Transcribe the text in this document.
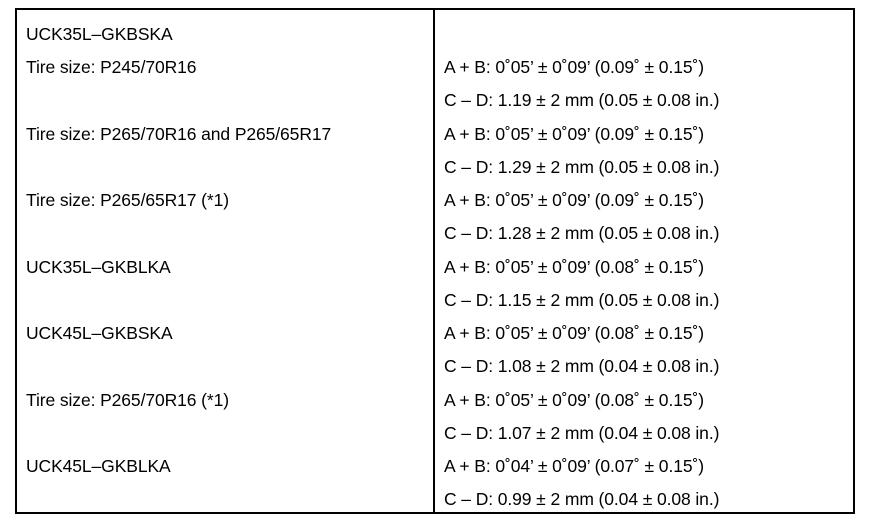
UCK35L–GKBSKA
Tire size: P245/70R16
Tire size: P265/70R16 and P265/65R17
Tire size: P265/65R17 (*1)
UCK35L–GKBLKA
UCK45L–GKBSKA
Tire size: P265/70R16 (*1)
UCK45L–GKBLKA
A + B: 0˚05’ ± 0˚09’ (0.09˚ ± 0.15˚)
C – D: 1.19 ± 2 mm (0.05 ± 0.08 in.)
A + B: 0˚05’ ± 0˚09’ (0.09˚ ± 0.15˚)
C – D: 1.29 ± 2 mm (0.05 ± 0.08 in.)
A + B: 0˚05’ ± 0˚09’ (0.09˚ ± 0.15˚)
C – D: 1.28 ± 2 mm (0.05 ± 0.08 in.)
A + B: 0˚05’ ± 0˚09’ (0.08˚ ± 0.15˚)
C – D: 1.15 ± 2 mm (0.05 ± 0.08 in.)
A + B: 0˚05’ ± 0˚09’ (0.08˚ ± 0.15˚)
C – D: 1.08 ± 2 mm (0.04 ± 0.08 in.)
A + B: 0˚05’ ± 0˚09’ (0.08˚ ± 0.15˚)
C – D: 1.07 ± 2 mm (0.04 ± 0.08 in.)
A + B: 0˚04’ ± 0˚09’ (0.07˚ ± 0.15˚)
C – D: 0.99 ± 2 mm (0.04 ± 0.08 in.)
